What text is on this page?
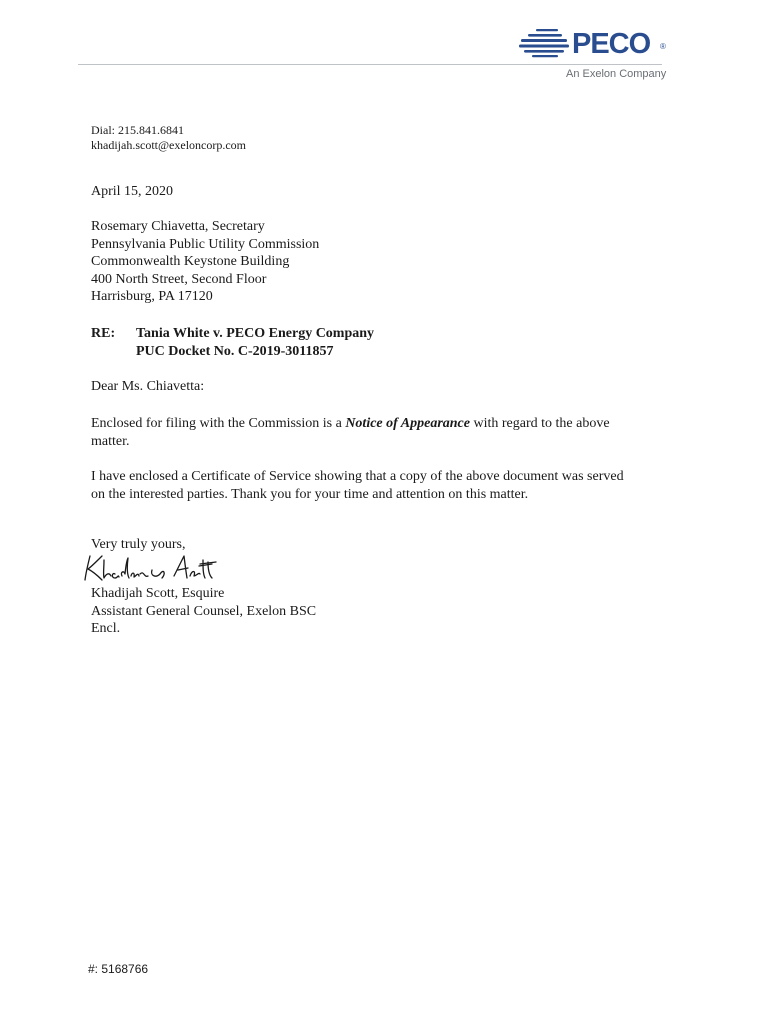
PECO ®
An Exelon Company
Dial: 215.841.6841
khadijah.scott@exeloncorp.com
April 15, 2020
Rosemary Chiavetta, Secretary
Pennsylvania Public Utility Commission
Commonwealth Keystone Building
400 North Street, Second Floor
Harrisburg, PA 17120
RE: Tania White v. PECO Energy Company
PUC Docket No. C-2019-3011857
Dear Ms. Chiavetta:
Enclosed for filing with the Commission is a Notice of Appearance with regard to the above
matter.
I have enclosed a Certificate of Service showing that a copy of the above document was served
on the interested parties. Thank you for your time and attention on this matter.
Very truly yours,
Khadijah Scott, Esquire
Assistant General Counsel, Exelon BSC
Encl.
#: 5168766
